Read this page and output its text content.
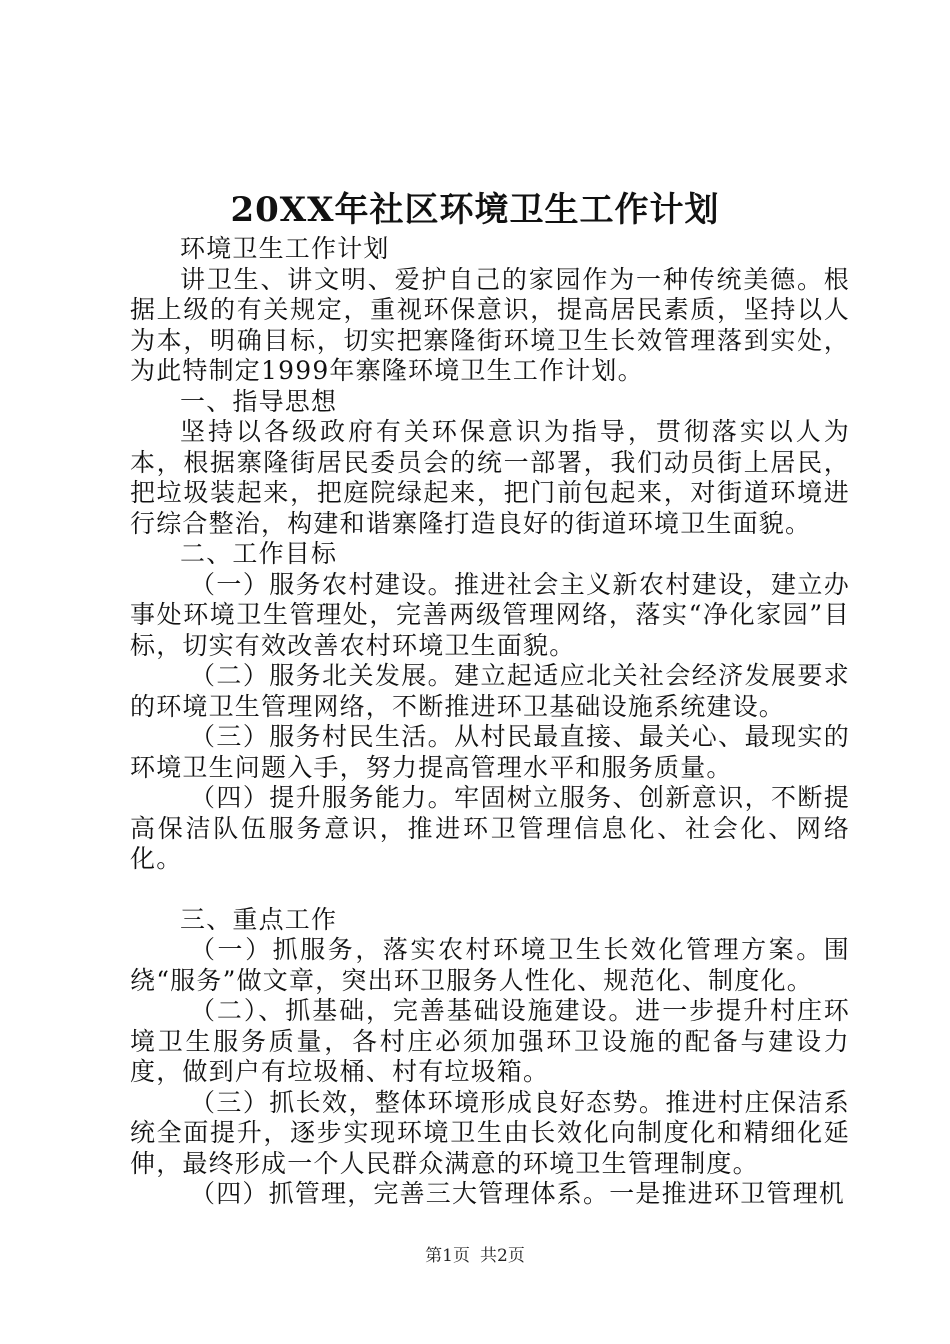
20XX年社区环境卫生工作计划

环境卫生工作计划

讲卫生、讲文明、爱护自己的家园作为一种传统美德。根据上级的有关规定，重视环保意识，提高居民素质，坚持以人为本，明确目标，切实把寨隆街环境卫生长效管理落到实处，为此特制定1999年寨隆环境卫生工作计划。

一、指导思想

坚持以各级政府有关环保意识为指导，贯彻落实以人为本，根据寨隆街居民委员会的统一部署，我们动员街上居民，把垃圾装起来，把庭院绿起来，把门前包起来，对街道环境进行综合整治，构建和谐寨隆打造良好的街道环境卫生面貌。

二、工作目标

（一）服务农村建设。推进社会主义新农村建设，建立办事处环境卫生管理处，完善两级管理网络，落实“净化家园”目标，切实有效改善农村环境卫生面貌。

（二）服务北关发展。建立起适应北关社会经济发展要求的环境卫生管理网络，不断推进环卫基础设施系统建设。

（三）服务村民生活。从村民最直接、最关心、最现实的环境卫生问题入手，努力提高管理水平和服务质量。

（四）提升服务能力。牢固树立服务、创新意识，不断提高保洁队伍服务意识，推进环卫管理信息化、社会化、网络化。

三、重点工作

（一）抓服务，落实农村环境卫生长效化管理方案。围绕“服务”做文章，突出环卫服务人性化、规范化、制度化。

（二）、抓基础，完善基础设施建设。进一步提升村庄环境卫生服务质量，各村庄必须加强环卫设施的配备与建设力度，做到户有垃圾桶、村有垃圾箱。

（三）抓长效，整体环境形成良好态势。推进村庄保洁系统全面提升，逐步实现环境卫生由长效化向制度化和精细化延伸，最终形成一个人民群众满意的环境卫生管理制度。

（四）抓管理，完善三大管理体系。一是推进环卫管理机

第1页 共2页
